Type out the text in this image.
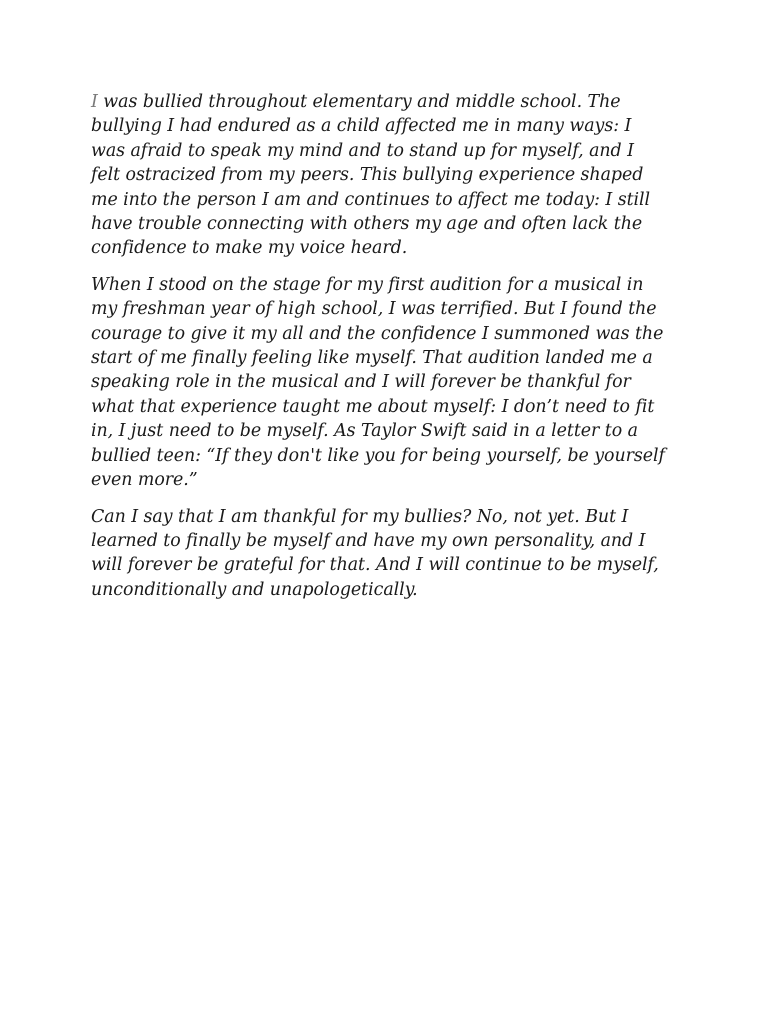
I was bullied throughout elementary and middle school. The
bullying I had endured as a child affected me in many ways: I
was afraid to speak my mind and to stand up for myself, and I
felt ostracized from my peers. This bullying experience shaped
me into the person I am and continues to affect me today: I still
have trouble connecting with others my age and often lack the
confidence to make my voice heard.

When I stood on the stage for my first audition for a musical in
my freshman year of high school, I was terrified. But I found the
courage to give it my all and the confidence I summoned was the
start of me finally feeling like myself. That audition landed me a
speaking role in the musical and I will forever be thankful for
what that experience taught me about myself: I don’t need to fit
in, I just need to be myself. As Taylor Swift said in a letter to a
bullied teen: “If they don't like you for being yourself, be yourself
even more.”

Can I say that I am thankful for my bullies? No, not yet. But I
learned to finally be myself and have my own personality, and I
will forever be grateful for that. And I will continue to be myself,
unconditionally and unapologetically.
